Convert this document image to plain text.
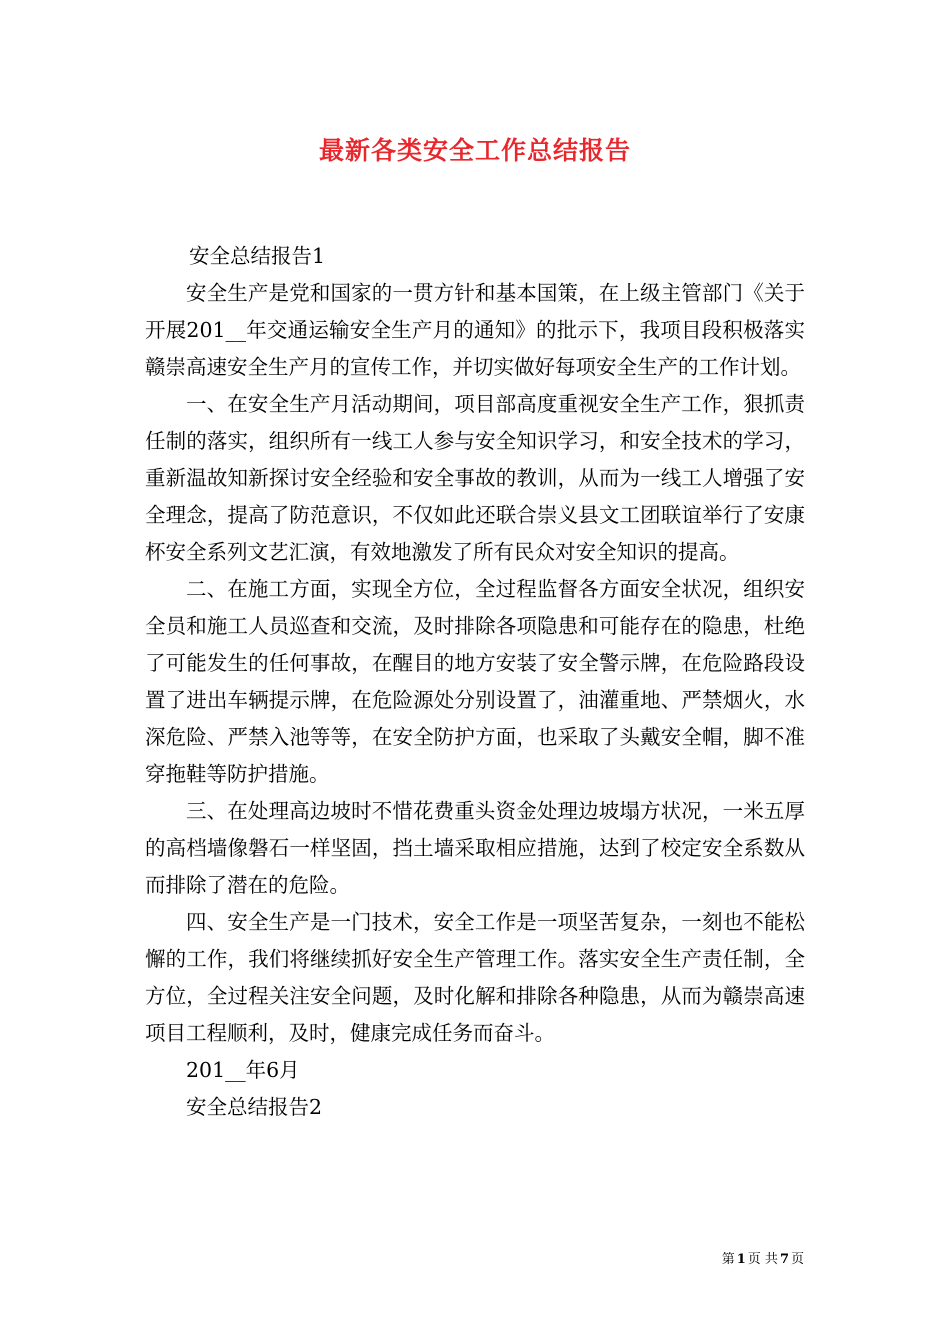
最新各类安全工作总结报告

安全总结报告1

安全生产是党和国家的一贯方针和基本国策，在上级主管部门《关于开展201__年交通运输安全生产月的通知》的批示下，我项目段积极落实赣崇高速安全生产月的宣传工作，并切实做好每项安全生产的工作计划。

一、在安全生产月活动期间，项目部高度重视安全生产工作，狠抓责任制的落实，组织所有一线工人参与安全知识学习，和安全技术的学习，重新温故知新探讨安全经验和安全事故的教训，从而为一线工人增强了安全理念，提高了防范意识，不仅如此还联合崇义县文工团联谊举行了安康杯安全系列文艺汇演，有效地激发了所有民众对安全知识的提高。

二、在施工方面，实现全方位，全过程监督各方面安全状况，组织安全员和施工人员巡查和交流，及时排除各项隐患和可能存在的隐患，杜绝了可能发生的任何事故，在醒目的地方安装了安全警示牌，在危险路段设置了进出车辆提示牌，在危险源处分别设置了，油灌重地、严禁烟火，水深危险、严禁入池等等，在安全防护方面，也采取了头戴安全帽，脚不准穿拖鞋等防护措施。

三、在处理高边坡时不惜花费重头资金处理边坡塌方状况，一米五厚的高档墙像磐石一样坚固，挡土墙采取相应措施，达到了校定安全系数从而排除了潜在的危险。

四、安全生产是一门技术，安全工作是一项坚苦复杂，一刻也不能松懈的工作，我们将继续抓好安全生产管理工作。落实安全生产责任制，全方位，全过程关注安全问题，及时化解和排除各种隐患，从而为赣崇高速项目工程顺利，及时，健康完成任务而奋斗。

201__年6月

安全总结报告2

第 1 页 共 7 页
